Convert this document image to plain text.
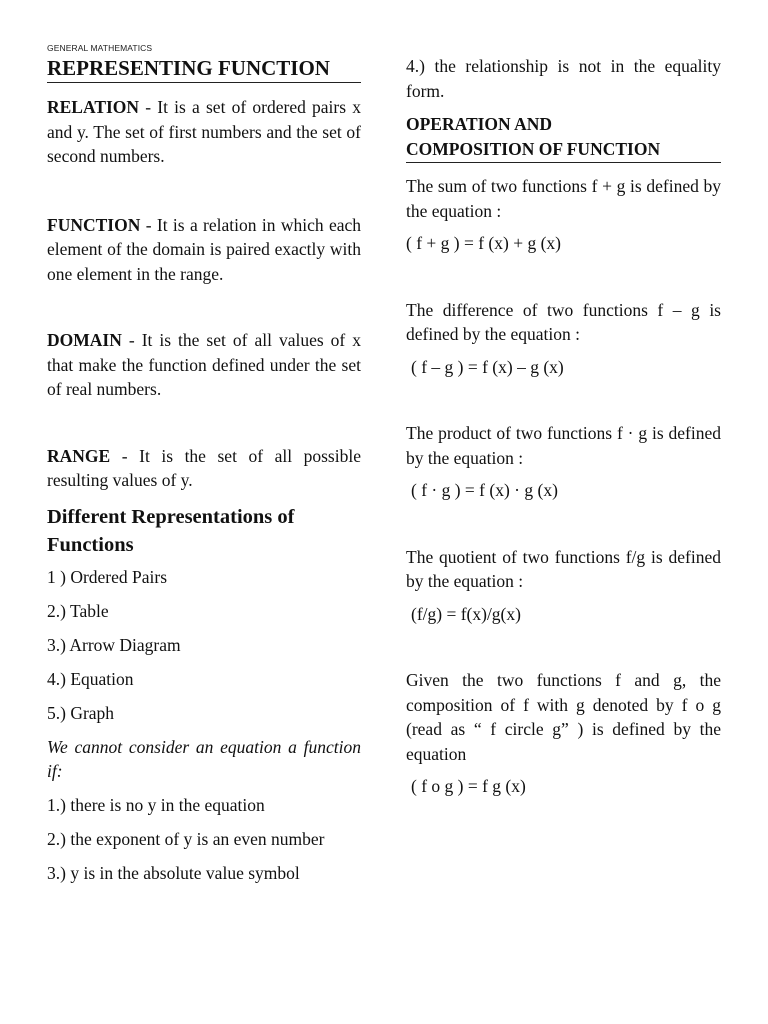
GENERAL MATHEMATICS
REPRESENTING FUNCTION

RELATION - It is a set of ordered pairs x and y. The set of first numbers and the set of second numbers.

FUNCTION - It is a relation in which each element of the domain is paired exactly with one element in the range.

DOMAIN - It is the set of all values of x that make the function defined under the set of real numbers.

RANGE - It is the set of all possible resulting values of y.

Different Representations of Functions

1 ) Ordered Pairs

2.) Table

3.) Arrow Diagram

4.) Equation

5.) Graph

We cannot consider an equation a function if:

1.) there is no y in the equation

2.) the exponent of y is an even number

3.) y is in the absolute value symbol

4.) the relationship is not in the equality form.

OPERATION AND
COMPOSITION OF FUNCTION

The sum of two functions f + g is defined by the equation :

( f + g ) = f (x) + g (x)

The difference of two functions f – g is defined by the equation :

( f – g ) = f (x) – g (x)

The product of two functions f · g is defined by the equation :

( f · g ) = f (x) · g (x)

The quotient of two functions f/g is defined by the equation :

(f/g) = f(x)/g(x)

Given the two functions f and g, the composition of f with g denoted by f o g (read as “ f circle g” ) is defined by the equation

( f o g ) = f g (x)
